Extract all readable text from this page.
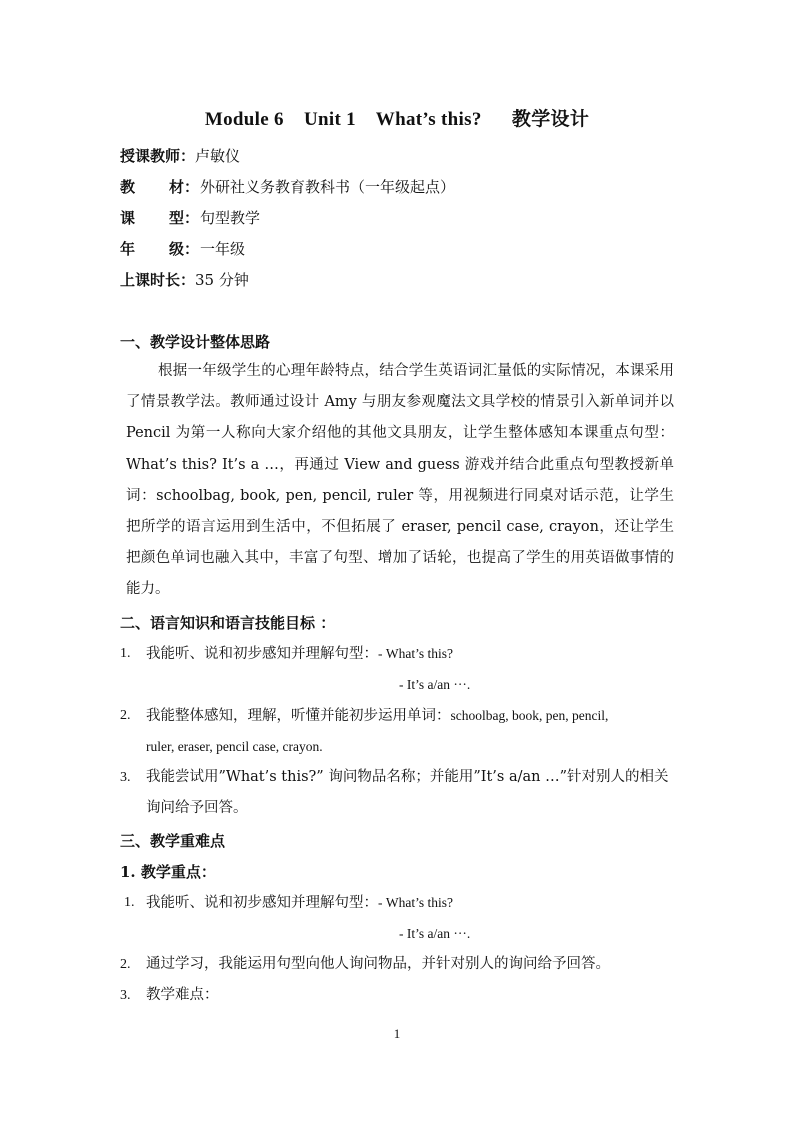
Module 6    Unit 1    What’s this?      教学设计
授课教师：卢敏仪
教 材：外研社义务教育教科书（一年级起点）
课 型：句型教学
年 级：一年级
上课时长：35 分钟
一、教学设计整体思路
根据一年级学生的心理年龄特点，结合学生英语词汇量低的实际情况，本课采用了情景教学法。教师通过设计 Amy 与朋友参观魔法文具学校的情景引入新单词并以 Pencil 为第一人称向大家介绍他的其他文具朋友，让学生整体感知本课重点句型：What’s this? It’s a …，再通过 View and guess 游戏并结合此重点句型教授新单词：schoolbag, book, pen, pencil, ruler 等，用视频进行同桌对话示范，让学生把所学的语言运用到生活中，不但拓展了 eraser, pencil case, crayon，还让学生把颜色单词也融入其中，丰富了句型、增加了话轮，也提高了学生的用英语做事情的能力。
二、语言知识和语言技能目标 ：
1. 我能听、说和初步感知并理解句型：- What’s this?
- It’s a/an ···.
2. 我能整体感知，理解，听懂并能初步运用单词：schoolbag, book, pen, pencil,
ruler, eraser, pencil case, crayon.
3. 我能尝试用”What’s this?” 询问物品名称；并能用”It’s a/an …”针对别人的相关
询问给予回答。
三、教学重难点
1. 教学重点：
1. 我能听、说和初步感知并理解句型：- What’s this?
- It’s a/an ···.
2. 通过学习，我能运用句型向他人询问物品，并针对别人的询问给予回答。
3. 教学难点：
1
